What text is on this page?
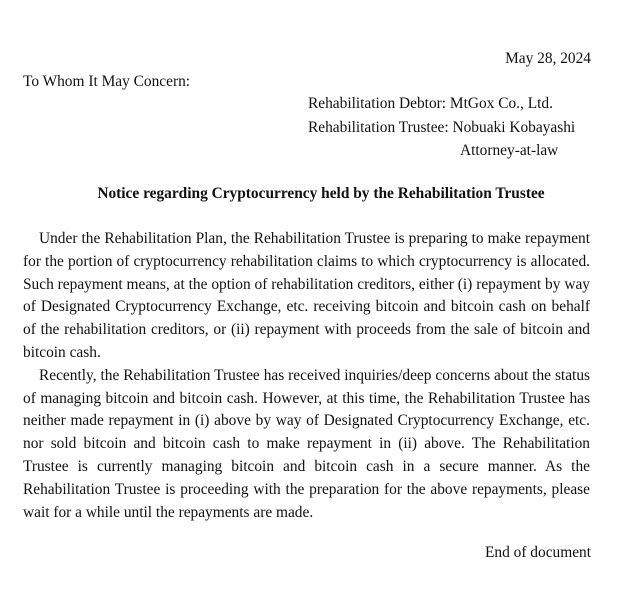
May 28, 2024
To Whom It May Concern:
Rehabilitation Debtor: MtGox Co., Ltd.
Rehabilitation Trustee: Nobuaki Kobayashi
Attorney-at-law
Notice regarding Cryptocurrency held by the Rehabilitation Trustee

Under the Rehabilitation Plan, the Rehabilitation Trustee is preparing to make repayment for the portion of cryptocurrency rehabilitation claims to which cryptocurrency is allocated. Such repayment means, at the option of rehabilitation creditors, either (i) repayment by way of Designated Cryptocurrency Exchange, etc. receiving bitcoin and bitcoin cash on behalf of the rehabilitation creditors, or (ii) repayment with proceeds from the sale of bitcoin and bitcoin cash.

Recently, the Rehabilitation Trustee has received inquiries/deep concerns about the status of managing bitcoin and bitcoin cash. However, at this time, the Rehabilitation Trustee has neither made repayment in (i) above by way of Designated Cryptocurrency Exchange, etc. nor sold bitcoin and bitcoin cash to make repayment in (ii) above. The Rehabilitation Trustee is currently managing bitcoin and bitcoin cash in a secure manner. As the Rehabilitation Trustee is proceeding with the preparation for the above repayments, please wait for a while until the repayments are made.

End of document
